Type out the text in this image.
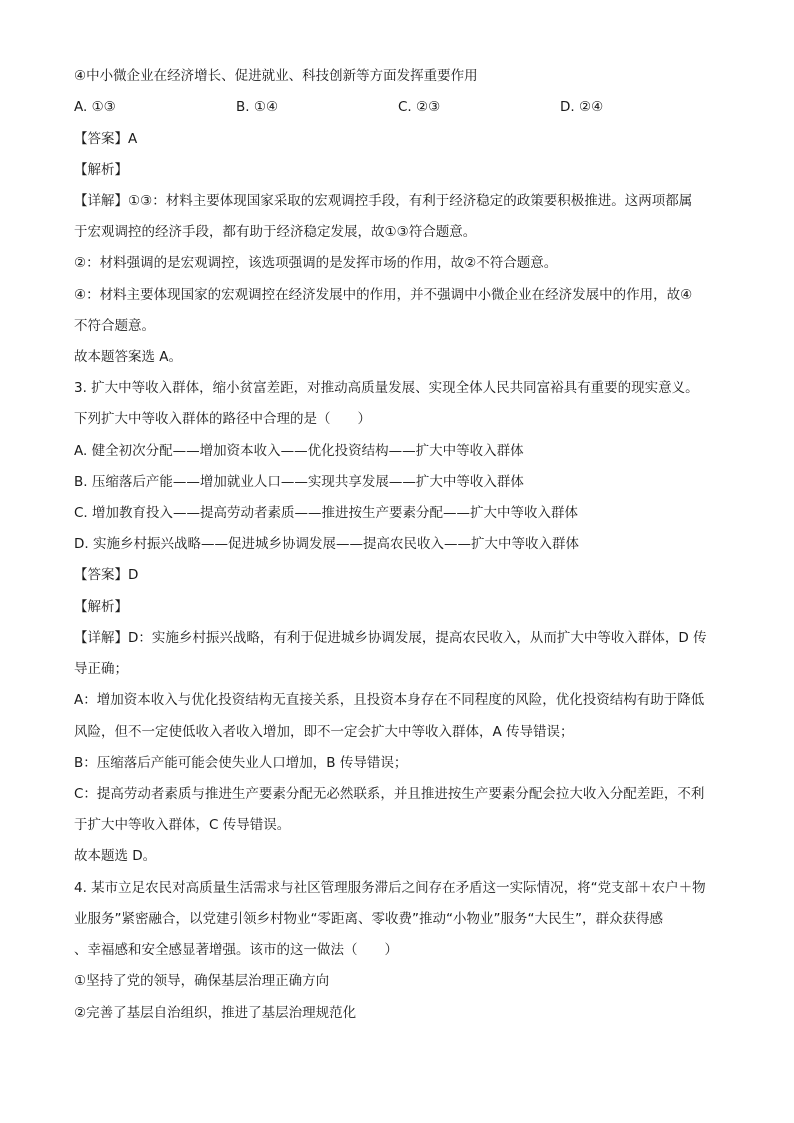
④中小微企业在经济增长、促进就业、科技创新等方面发挥重要作用
A. ①③	B. ①④	C. ②③	D. ②④
【答案】A
【解析】
【详解】①③：材料主要体现国家采取的宏观调控手段，有利于经济稳定的政策要积极推进。这两项都属
于宏观调控的经济手段，都有助于经济稳定发展，故①③符合题意。
②：材料强调的是宏观调控，该选项强调的是发挥市场的作用，故②不符合题意。
④：材料主要体现国家的宏观调控在经济发展中的作用，并不强调中小微企业在经济发展中的作用，故④
不符合题意。
故本题答案选 A。
3. 扩大中等收入群体，缩小贫富差距，对推动高质量发展、实现全体人民共同富裕具有重要的现实意义。
下列扩大中等收入群体的路径中合理的是（　　）
A. 健全初次分配——增加资本收入——优化投资结构——扩大中等收入群体
B. 压缩落后产能——增加就业人口——实现共享发展——扩大中等收入群体
C. 增加教育投入——提高劳动者素质——推进按生产要素分配——扩大中等收入群体
D. 实施乡村振兴战略——促进城乡协调发展——提高农民收入——扩大中等收入群体
【答案】D
【解析】
【详解】D：实施乡村振兴战略，有利于促进城乡协调发展，提高农民收入，从而扩大中等收入群体，D 传
导正确；
A：增加资本收入与优化投资结构无直接关系，且投资本身存在不同程度的风险，优化投资结构有助于降低
风险，但不一定使低收入者收入增加，即不一定会扩大中等收入群体，A 传导错误；
B：压缩落后产能可能会使失业人口增加，B 传导错误；
C：提高劳动者素质与推进生产要素分配无必然联系，并且推进按生产要素分配会拉大收入分配差距，不利
于扩大中等收入群体，C 传导错误。
故本题选 D。
4. 某市立足农民对高质量生活需求与社区管理服务滞后之间存在矛盾这一实际情况，将“党支部＋农户＋物
业服务”紧密融合，以党建引领乡村物业“零距离、零收费”推动“小物业”服务“大民生”，群众获得感
、幸福感和安全感显著增强。该市的这一做法（　　）
①坚持了党的领导，确保基层治理正确方向
②完善了基层自治组织，推进了基层治理规范化
